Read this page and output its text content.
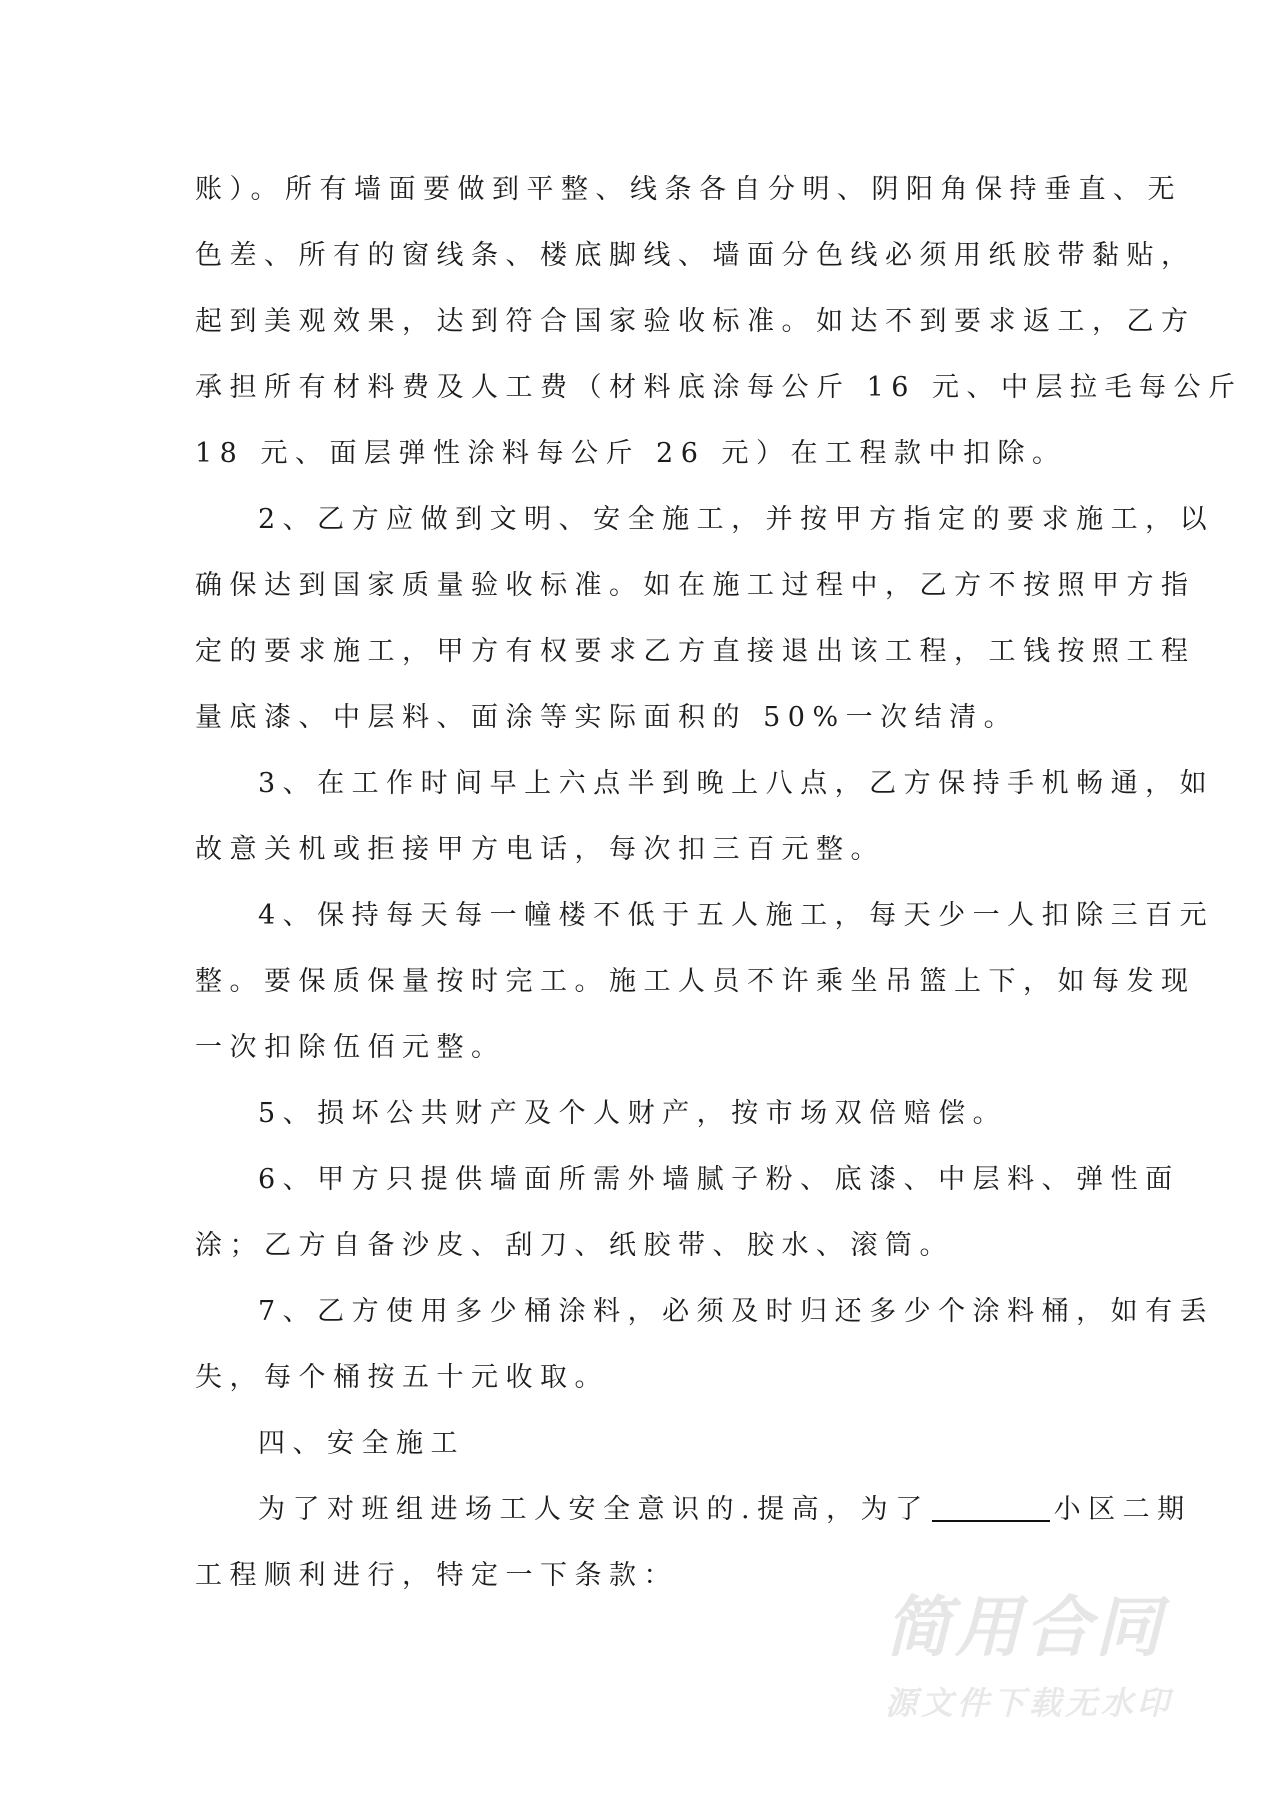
账）。所有墙面要做到平整、线条各自分明、阴阳角保持垂直、无
色差、所有的窗线条、楼底脚线、墙面分色线必须用纸胶带黏贴，
起到美观效果，达到符合国家验收标准。如达不到要求返工，乙方
承担所有材料费及人工费（材料底涂每公斤 16 元、中层拉毛每公斤
18 元、面层弹性涂料每公斤 26 元）在工程款中扣除。
2、乙方应做到文明、安全施工，并按甲方指定的要求施工，以
确保达到国家质量验收标准。如在施工过程中，乙方不按照甲方指
定的要求施工，甲方有权要求乙方直接退出该工程，工钱按照工程
量底漆、中层料、面涂等实际面积的 50%一次结清。
3、在工作时间早上六点半到晚上八点，乙方保持手机畅通，如
故意关机或拒接甲方电话，每次扣三百元整。
4、保持每天每一幢楼不低于五人施工，每天少一人扣除三百元
整。要保质保量按时完工。施工人员不许乘坐吊篮上下，如每发现
一次扣除伍佰元整。
5、损坏公共财产及个人财产，按市场双倍赔偿。
6、甲方只提供墙面所需外墙腻子粉、底漆、中层料、弹性面
涂；乙方自备沙皮、刮刀、纸胶带、胶水、滚筒。
7、乙方使用多少桶涂料，必须及时归还多少个涂料桶，如有丢
失，每个桶按五十元收取。
四、安全施工
为了对班组进场工人安全意识的.提高，为了	小区二期
工程顺利进行，特定一下条款：
简用合同
源文件下载无水印
